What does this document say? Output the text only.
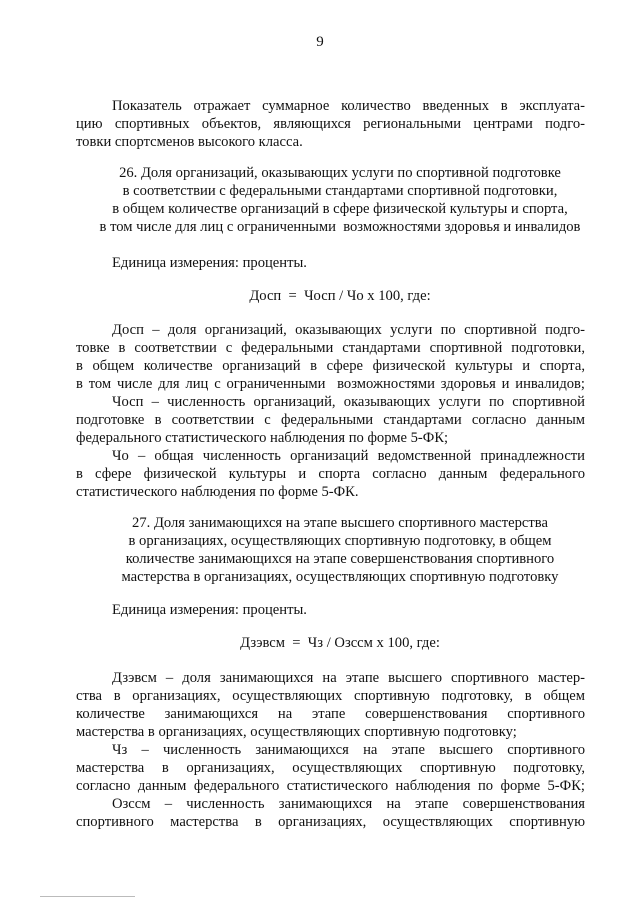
9
Показатель отражает суммарное количество введенных в эксплуата-
цию спортивных объектов, являющихся региональными центрами подго-
товки спортсменов высокого класса.
26. Доля организаций, оказывающих услуги по спортивной подготовке
в соответствии с федеральными стандартами спортивной подготовки,
в общем количестве организаций в сфере физической культуры и спорта,
в том числе для лиц с ограниченными  возможностями здоровья и инвалидов
Единица измерения: проценты.
Досп  =  Чосп / Чо х 100, где:
Досп – доля организаций, оказывающих услуги по спортивной подго-
товке в соответствии с федеральными стандартами спортивной подготовки,
в общем количестве организаций в сфере физической культуры и спорта,
в том числе для лиц с ограниченными  возможностями здоровья и инвалидов;
Чосп – численность организаций, оказывающих услуги по спортивной
подготовке в соответствии с федеральными стандартами согласно данным
федерального статистического наблюдения по форме 5-ФК;
Чо – общая численность организаций ведомственной принадлежности
в сфере физической культуры и спорта согласно данным федерального
статистического наблюдения по форме 5-ФК.
27. Доля занимающихся на этапе высшего спортивного мастерства
в организациях, осуществляющих спортивную подготовку, в общем
количестве занимающихся на этапе совершенствования спортивного
мастерства в организациях, осуществляющих спортивную подготовку
Единица измерения: проценты.
Дзэвсм  =  Чз / Озссм х 100, где:
Дзэвсм – доля занимающихся на этапе высшего спортивного мастер-
ства в организациях, осуществляющих спортивную подготовку, в общем
количестве   занимающихся   на   этапе   совершенствования   спортивного
мастерства в организациях, осуществляющих спортивную подготовку;
Чз – численность занимающихся на этапе высшего спортивного
мастерства  в  организациях,  осуществляющих  спортивную  подготовку,
согласно данным федерального статистического наблюдения по форме 5-ФК;
Озссм – численность занимающихся на этапе совершенствования
спортивного мастерства в организациях, осуществляющих спортивную
